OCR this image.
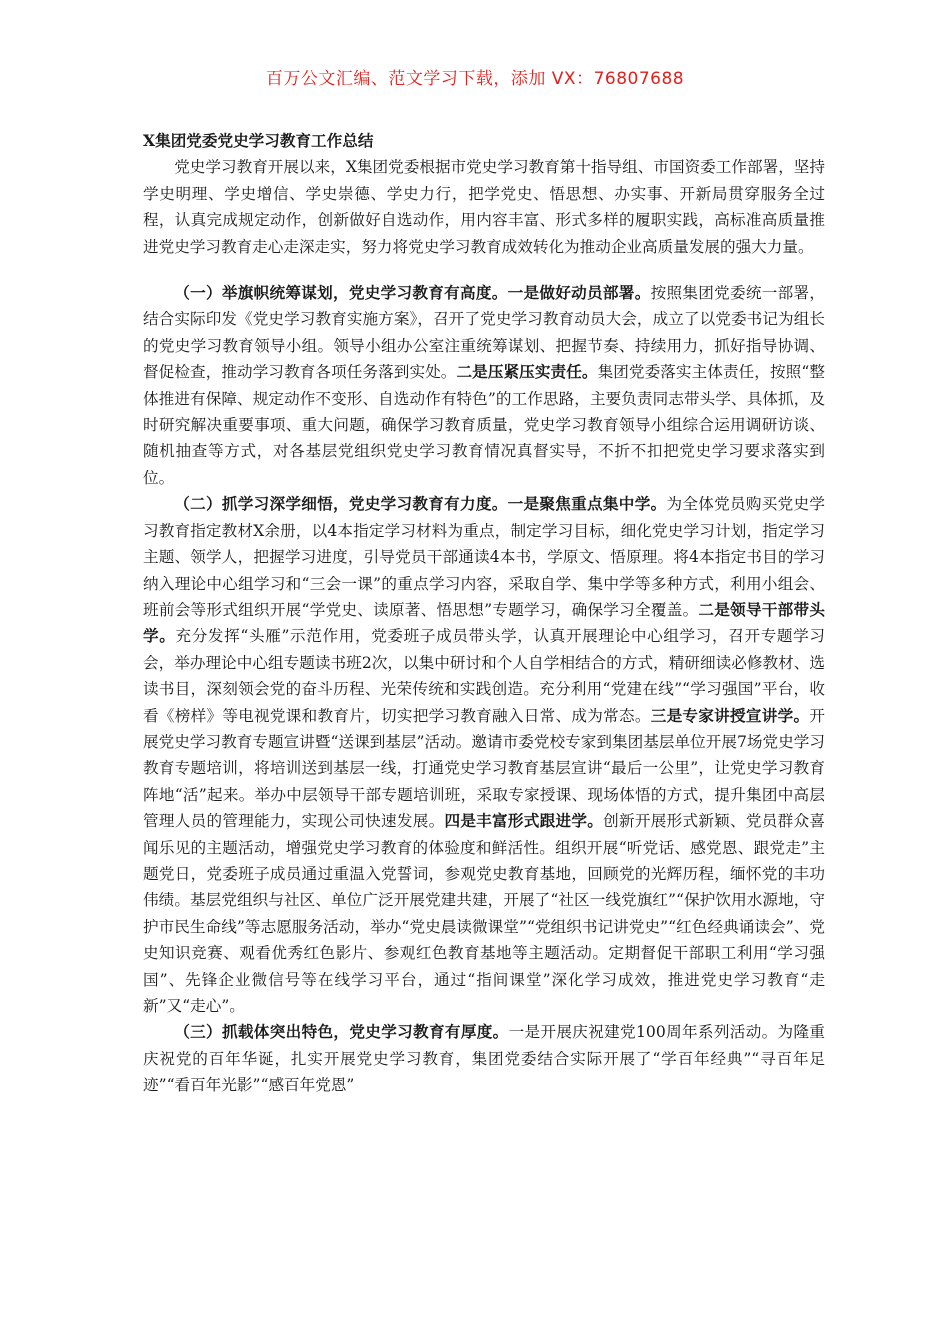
百万公文汇编、范文学习下载，添加 VX：76807688

X集团党委党史学习教育工作总结

党史学习教育开展以来，X集团党委根据市党史学习教育第十指导组、市国资委工作部署，坚持学史明理、学史增信、学史崇德、学史力行，把学党史、悟思想、办实事、开新局贯穿服务全过程，认真完成规定动作，创新做好自选动作，用内容丰富、形式多样的履职实践，高标准高质量推进党史学习教育走心走深走实，努力将党史学习教育成效转化为推动企业高质量发展的强大力量。

（一）举旗帜统筹谋划，党史学习教育有高度。一是做好动员部署。按照集团党委统一部署，结合实际印发《党史学习教育实施方案》，召开了党史学习教育动员大会，成立了以党委书记为组长的党史学习教育领导小组。领导小组办公室注重统筹谋划、把握节奏、持续用力，抓好指导协调、督促检查，推动学习教育各项任务落到实处。二是压紧压实责任。集团党委落实主体责任，按照“整体推进有保障、规定动作不变形、自选动作有特色”的工作思路，主要负责同志带头学、具体抓，及时研究解决重要事项、重大问题，确保学习教育质量，党史学习教育领导小组综合运用调研访谈、随机抽查等方式，对各基层党组织党史学习教育情况真督实导，不折不扣把党史学习要求落实到位。

（二）抓学习深学细悟，党史学习教育有力度。一是聚焦重点集中学。为全体党员购买党史学习教育指定教材X余册，以4本指定学习材料为重点，制定学习目标，细化党史学习计划，指定学习主题、领学人，把握学习进度，引导党员干部通读4本书，学原文、悟原理。将4本指定书目的学习纳入理论中心组学习和“三会一课”的重点学习内容，采取自学、集中学等多种方式，利用小组会、班前会等形式组织开展“学党史、读原著、悟思想”专题学习，确保学习全覆盖。二是领导干部带头学。充分发挥“头雁”示范作用，党委班子成员带头学，认真开展理论中心组学习，召开专题学习会，举办理论中心组专题读书班2次，以集中研讨和个人自学相结合的方式，精研细读必修教材、选读书目，深刻领会党的奋斗历程、光荣传统和实践创造。充分利用“党建在线”“学习强国”平台，收看《榜样》等电视党课和教育片，切实把学习教育融入日常、成为常态。三是专家讲授宣讲学。开展党史学习教育专题宣讲暨“送课到基层”活动。邀请市委党校专家到集团基层单位开展7场党史学习教育专题培训，将培训送到基层一线，打通党史学习教育基层宣讲“最后一公里”，让党史学习教育阵地“活”起来。举办中层领导干部专题培训班，采取专家授课、现场体悟的方式，提升集团中高层管理人员的管理能力，实现公司快速发展。四是丰富形式跟进学。创新开展形式新颖、党员群众喜闻乐见的主题活动，增强党史学习教育的体验度和鲜活性。组织开展“听党话、感党恩、跟党走”主题党日，党委班子成员通过重温入党誓词，参观党史教育基地，回顾党的光辉历程，缅怀党的丰功伟绩。基层党组织与社区、单位广泛开展党建共建，开展了“社区一线党旗红”“保护饮用水源地，守护市民生命线”等志愿服务活动，举办“党史晨读微课堂”“党组织书记讲党史”“红色经典诵读会”、党史知识竞赛、观看优秀红色影片、参观红色教育基地等主题活动。定期督促干部职工利用“学习强国”、先锋企业微信号等在线学习平台，通过“指间课堂”深化学习成效，推进党史学习教育“走新”又“走心”。

（三）抓载体突出特色，党史学习教育有厚度。一是开展庆祝建党100周年系列活动。为隆重庆祝党的百年华诞，扎实开展党史学习教育，集团党委结合实际开展了“学百年经典”“寻百年足迹”“看百年光影”“感百年党恩”
